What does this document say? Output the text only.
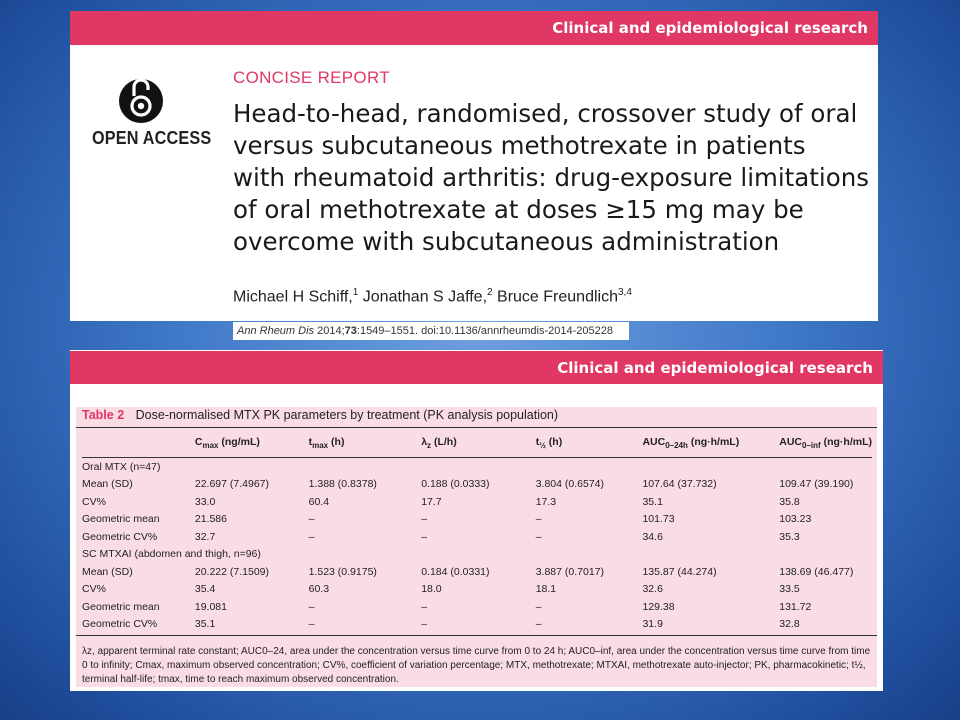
Clinical and epidemiological research
OPEN ACCESS
CONCISE REPORT
Head-to-head, randomised, crossover study of oral
versus subcutaneous methotrexate in patients
with rheumatoid arthritis: drug-exposure limitations
of oral methotrexate at doses ≥15 mg may be
overcome with subcutaneous administration
Michael H Schiff,$^1$ Jonathan S Jaffe,$^2$ Bruce Freundlich$^{3,4}$
Ann Rheum Dis 2014;73:1549–1551. doi:10.1136/annrheumdis-2014-205228
Clinical and epidemiological research
Table 2 Dose-normalised MTX PK parameters by treatment (PK analysis population)
	$C_{max}$ (ng/mL)	$t_{max}$ (h)	$\lambda_z$ (L/h)	$t_{\frac{1}{2}}$ (h)	$AUC_{0-24h}$ (ng·h/mL)	$AUC_{0-inf}$ (ng·h/mL)
Oral MTX (n=47)						
Mean (SD)	22.697 (7.4967)	1.388 (0.8378)	0.188 (0.0333)	3.804 (0.6574)	107.64 (37.732)	109.47 (39.190)
CV%	33.0	60.4	17.7	17.3	35.1	35.8
Geometric mean	21.586	–	–	–	101.73	103.23
Geometric CV%	32.7	–	–	–	34.6	35.3
SC MTXAI (abdomen and thigh, n=96)						
Mean (SD)	20.222 (7.1509)	1.523 (0.9175)	0.184 (0.0331)	3.887 (0.7017)	135.87 (44.274)	138.69 (46.477)
CV%	35.4	60.3	18.0	18.1	32.6	33.5
Geometric mean	19.081	–	–	–	129.38	131.72
Geometric CV%	35.1	–	–	–	31.9	32.8
λz, apparent terminal rate constant; AUC0–24, area under the concentration versus time curve from 0 to 24 h; AUC0–inf, area under the concentration versus time curve from time 0 to infinity; Cmax, maximum observed concentration; CV%, coefficient of variation percentage; MTX, methotrexate; MTXAI, methotrexate auto-injector; PK, pharmacokinetic; t½, terminal half-life; tmax, time to reach maximum observed concentration.
